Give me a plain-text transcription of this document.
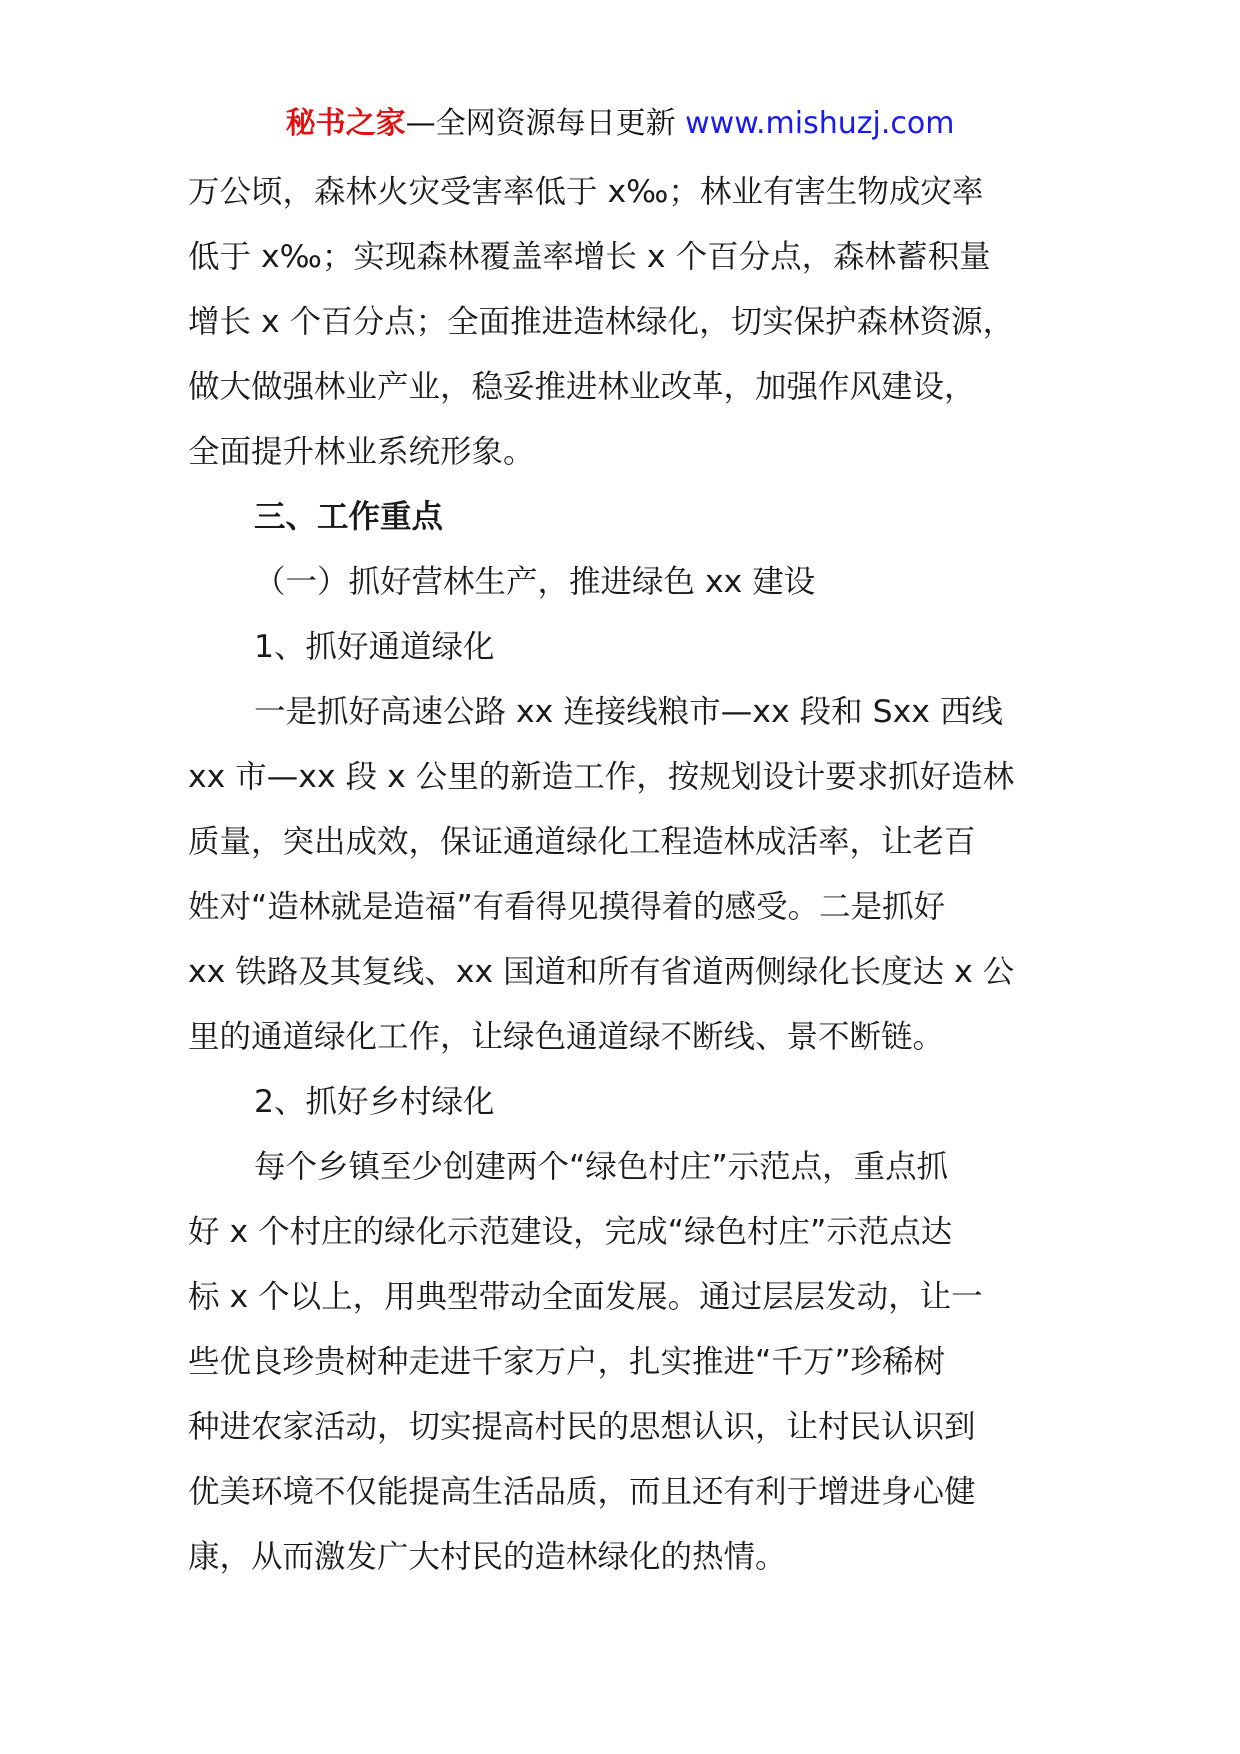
秘书之家—全网资源每日更新 www.mishuzj.com

万公顷，森林火灾受害率低于 x‰；林业有害生物成灾率

低于 x‰；实现森林覆盖率增长 x 个百分点，森林蓄积量

增长 x 个百分点；全面推进造林绿化，切实保护森林资源，

做大做强林业产业，稳妥推进林业改革，加强作风建设，

全面提升林业系统形象。

三、工作重点

（一）抓好营林生产，推进绿色 xx 建设

1、抓好通道绿化

一是抓好高速公路 xx 连接线粮市—xx 段和 Sxx 西线

xx 市—xx 段 x 公里的新造工作，按规划设计要求抓好造林

质量，突出成效，保证通道绿化工程造林成活率，让老百

姓对“造林就是造福”有看得见摸得着的感受。二是抓好

xx 铁路及其复线、xx 国道和所有省道两侧绿化长度达 x 公

里的通道绿化工作，让绿色通道绿不断线、景不断链。

2、抓好乡村绿化

每个乡镇至少创建两个“绿色村庄”示范点，重点抓

好 x 个村庄的绿化示范建设，完成“绿色村庄”示范点达

标 x 个以上，用典型带动全面发展。通过层层发动，让一

些优良珍贵树种走进千家万户，扎实推进“千万”珍稀树

种进农家活动，切实提高村民的思想认识，让村民认识到

优美环境不仅能提高生活品质，而且还有利于增进身心健

康，从而激发广大村民的造林绿化的热情。
